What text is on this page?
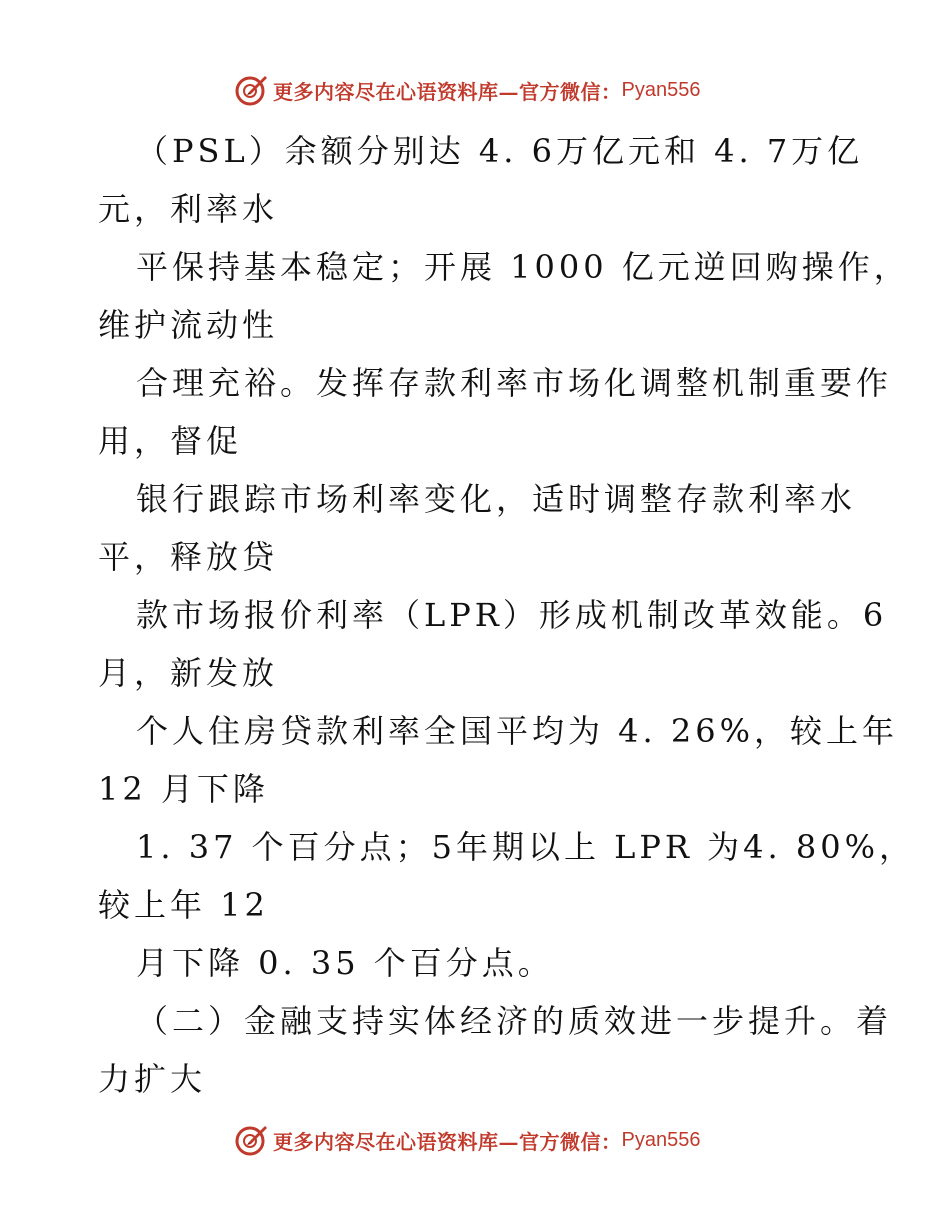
更多内容尽在心语资料库—官方微信： Pyan556
（PSL）余额分别达 4. 6万亿元和 4. 7万亿
元，利率水
平保持基本稳定；开展 1000 亿元逆回购操作，
维护流动性
合理充裕。发挥存款利率市场化调整机制重要作
用，督促
银行跟踪市场利率变化，适时调整存款利率水
平，释放贷
款市场报价利率（LPR）形成机制改革效能。6
月，新发放
个人住房贷款利率全国平均为 4. 26%，较上年
12 月下降
1. 37 个百分点；5年期以上 LPR 为4. 80%，
较上年 12
月下降 0. 35 个百分点。
（二）金融支持实体经济的质效进一步提升。着
力扩大
更多内容尽在心语资料库—官方微信： Pyan556
